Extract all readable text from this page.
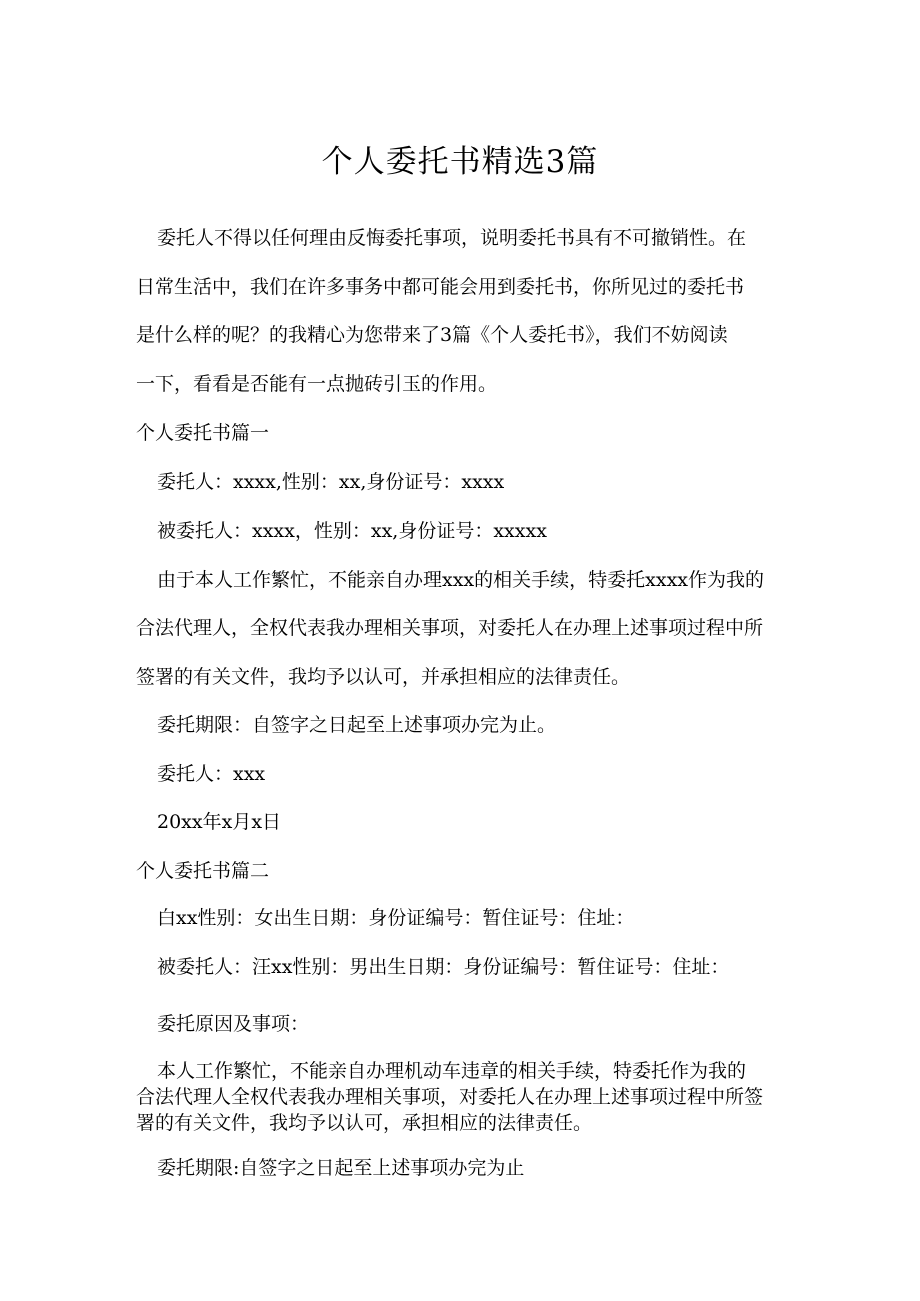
个人委托书精选3篇
委托人不得以任何理由反悔委托事项，说明委托书具有不可撤销性。在
日常生活中，我们在许多事务中都可能会用到委托书，你所见过的委托书
是什么样的呢？的我精心为您带来了3篇《个人委托书》，我们不妨阅读
一下，看看是否能有一点抛砖引玉的作用。
个人委托书篇一
委托人：xxxx,性别：xx,身份证号：xxxx
被委托人：xxxx，性别：xx,身份证号：xxxxx
由于本人工作繁忙，不能亲自办理xxx的相关手续，特委托xxxx作为我的
合法代理人，全权代表我办理相关事项，对委托人在办理上述事项过程中所
签署的有关文件，我均予以认可，并承担相应的法律责任。
委托期限：自签字之日起至上述事项办完为止。
委托人：xxx
20xx年x月x日
个人委托书篇二
白xx性别：女出生日期：身份证编号：暂住证号：住址：
被委托人：汪xx性别：男出生日期：身份证编号：暂住证号：住址：
委托原因及事项：
本人工作繁忙，不能亲自办理机动车违章的相关手续，特委托作为我的
合法代理人全权代表我办理相关事项，对委托人在办理上述事项过程中所签
署的有关文件，我均予以认可，承担相应的法律责任。
委托期限:自签字之日起至上述事项办完为止
